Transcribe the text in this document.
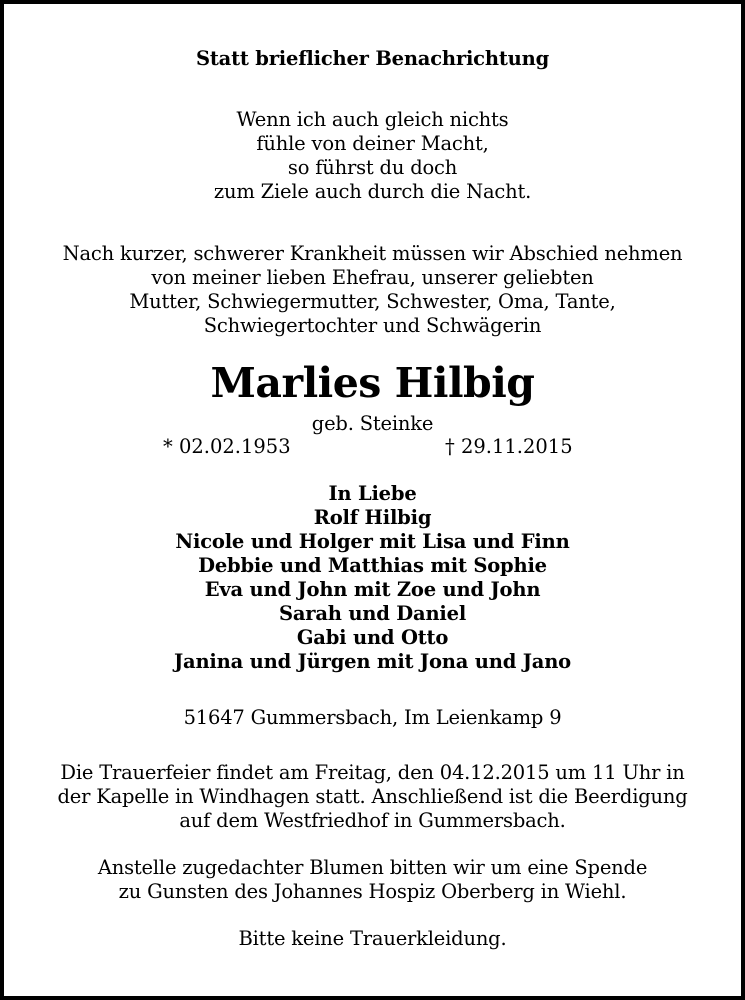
Statt brieflicher Benachrichtung
Wenn ich auch gleich nichts
fühle von deiner Macht,
so führst du doch
zum Ziele auch durch die Nacht.
Nach kurzer, schwerer Krankheit müssen wir Abschied nehmen
von meiner lieben Ehefrau, unserer geliebten
Mutter, Schwiegermutter, Schwester, Oma, Tante,
Schwiegertochter und Schwägerin
Marlies Hilbig
geb. Steinke
* 02.02.1953	† 29.11.2015
In Liebe
Rolf Hilbig
Nicole und Holger mit Lisa und Finn
Debbie und Matthias mit Sophie
Eva und John mit Zoe und John
Sarah und Daniel
Gabi und Otto
Janina und Jürgen mit Jona und Jano
51647 Gummersbach, Im Leienkamp 9
Die Trauerfeier findet am Freitag, den 04.12.2015 um 11 Uhr in
der Kapelle in Windhagen statt. Anschließend ist die Beerdigung
auf dem Westfriedhof in Gummersbach.
Anstelle zugedachter Blumen bitten wir um eine Spende
zu Gunsten des Johannes Hospiz Oberberg in Wiehl.
Bitte keine Trauerkleidung.
